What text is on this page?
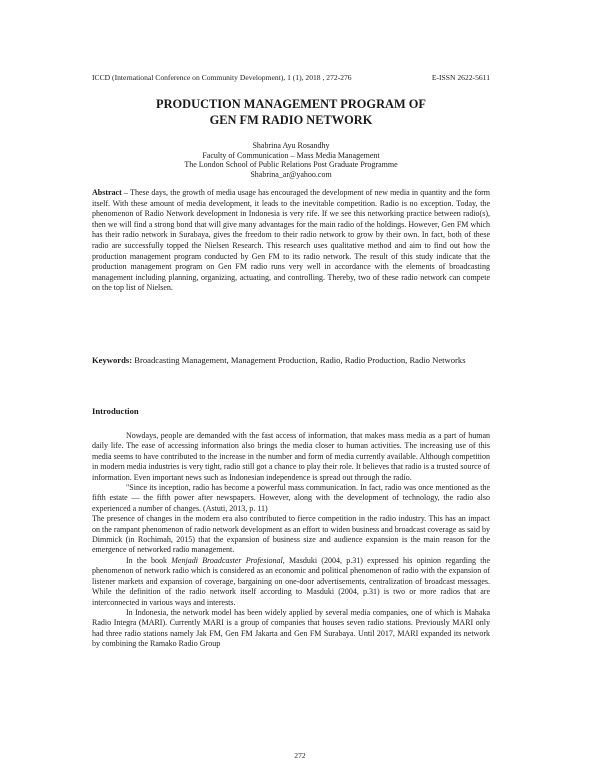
ICCD (International Conference on Community Development), 1 (1), 2018 , 272-276	E-ISSN 2622-5611
PRODUCTION MANAGEMENT PROGRAM OF
GEN FM RADIO NETWORK
Shabrina Ayu Rosandhy
Faculty of Communication – Mass Media Management
The London School of Public Relations Post Graduate Programme
Shabrina_ar@yahoo.com
Abstract – These days, the growth of media usage has encouraged the development of new media in quantity and the form itself. With these amount of media development, it leads to the inevitable competition. Radio is no exception. Today, the phenomenon of Radio Network development in Indonesia is very rife. If we see this networking practice between radio(s), then we will find a strong bond that will give many advantages for the main radio of the holdings. However, Gen FM which has their radio network in Surabaya, gives the freedom to their radio network to grow by their own. In fact, both of these radio are successfully topped the Nielsen Research. This research uses qualitative method and aim to find out how the production management program conducted by Gen FM to its radio network. The result of this study indicate that the production management program on Gen FM radio runs very well in accordance with the elements of broadcasting management including planning, organizing, actuating, and controlling. Thereby, two of these radio network can compete on the top list of Nielsen.
Keywords: Broadcasting Management, Management Production, Radio, Radio Production, Radio Networks
Introduction

Nowdays, people are demanded with the fast access of information, that makes mass media as a part of human daily life. The ease of accessing information also brings the media closer to human activities. The increasing use of this media seems to have contributed to the increase in the number and form of media currently available. Although competition in modern media industries is very tight, radio still got a chance to play their role. It believes that radio is a trusted source of information. Even important news such as Indonesian independence is spread out through the radio.

"Since its inception, radio has become a powerful mass communication. In fact, radio was once mentioned as the fifth estate — the fifth power after newspapers. However, along with the development of technology, the radio also experienced a number of changes. (Astuti, 2013, p. 11)

The presence of changes in the modern era also contributed to fierce competition in the radio industry. This has an impact on the rampant phenomenon of radio network development as an effort to widen business and broadcast coverage as said by Dimmick (in Rochimah, 2015) that the expansion of business size and audience expansion is the main reason for the emergence of networked radio management.

In the book Menjadi Broadcaster Profesional, Masduki (2004, p.31) expressed his opinion regarding the phenomenon of network radio which is considered as an economic and political phenomenon of radio with the expansion of listener markets and expansion of coverage, bargaining on one-door advertisements, centralization of broadcast messages. While the definition of the radio network itself according to Masduki (2004, p.31) is two or more radios that are interconnected in various ways and interests.

In Indonesia, the network model has been widely applied by several media companies, one of which is Mahaka Radio Integra (MARI). Currently MARI is a group of companies that houses seven radio stations. Previously MARI only had three radio stations namely Jak FM, Gen FM Jakarta and Gen FM Surabaya. Until 2017, MARI expanded its network by combining the Ramako Radio Group

272
